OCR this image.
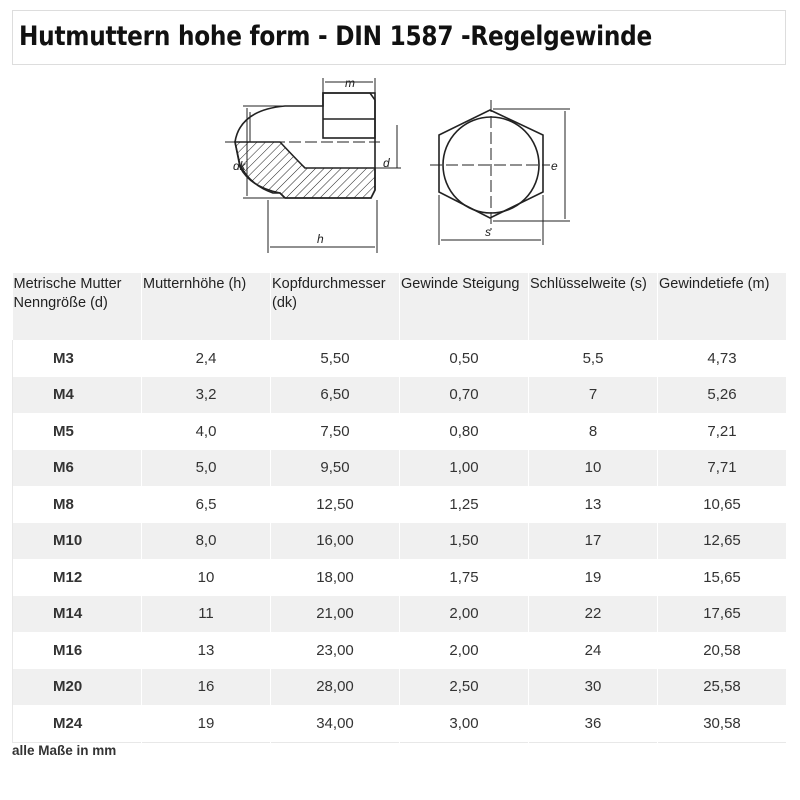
Hutmuttern hohe form - DIN 1587 -Regelgewinde
m
dk	d
h	s
e
Metrische Mutter Nenngröße (d)	Mutternhöhe (h)	Kopfdurchmesser (dk)	Gewinde Steigung	Schlüsselweite (s)	Gewindetiefe (m)
M3	2,4	5,50	0,50	5,5	4,73
M4	3,2	6,50	0,70	7	5,26
M5	4,0	7,50	0,80	8	7,21
M6	5,0	9,50	1,00	10	7,71
M8	6,5	12,50	1,25	13	10,65
M10	8,0	16,00	1,50	17	12,65
M12	10	18,00	1,75	19	15,65
M14	11	21,00	2,00	22	17,65
M16	13	23,00	2,00	24	20,58
M20	16	28,00	2,50	30	25,58
M24	19	34,00	3,00	36	30,58
alle Maße in mm
